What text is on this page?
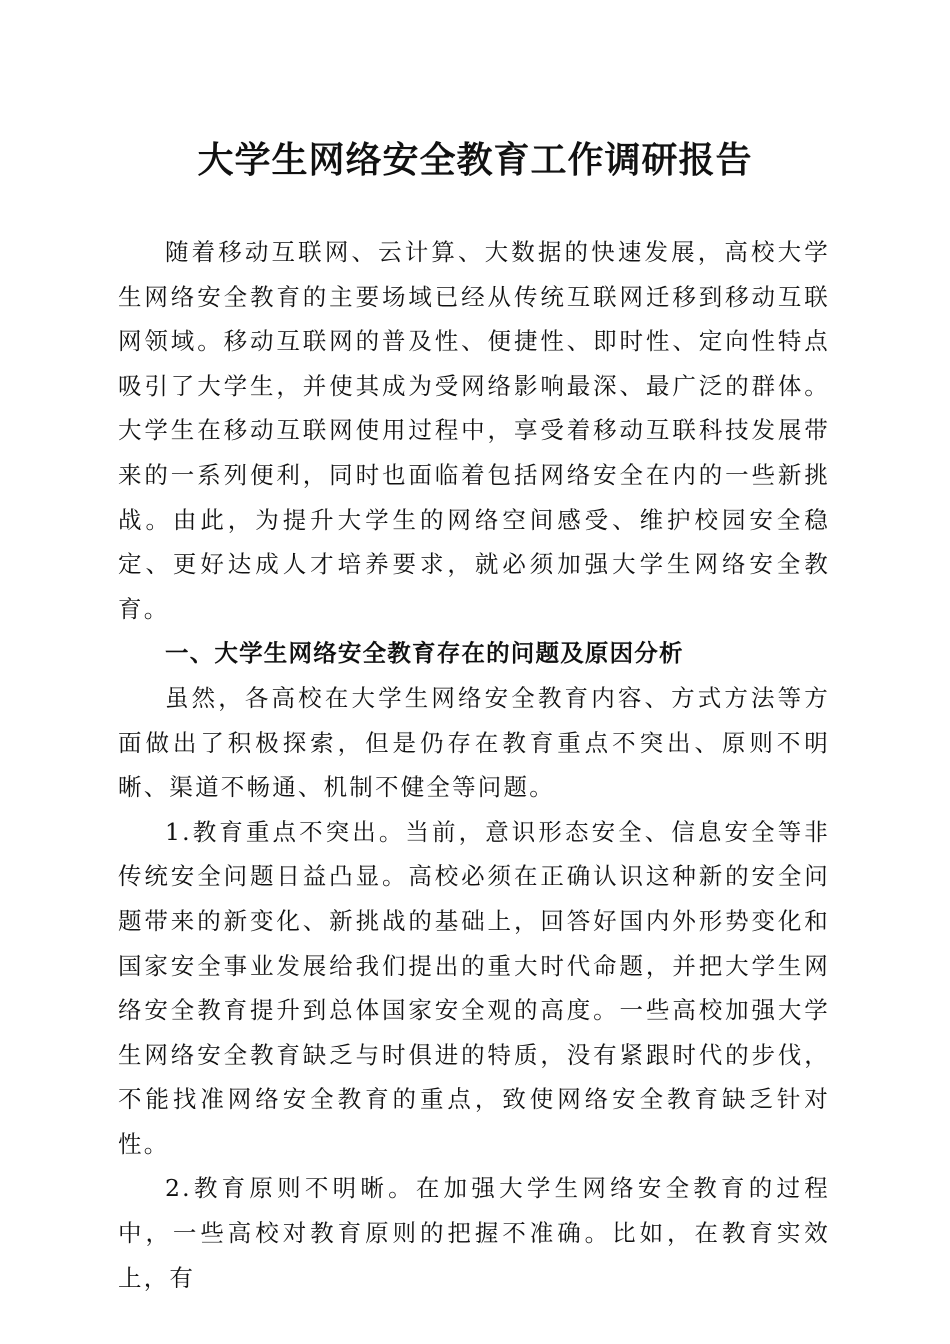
大学生网络安全教育工作调研报告

随着移动互联网、云计算、大数据的快速发展，高校大学生网络安全教育的主要场域已经从传统互联网迁移到移动互联网领域。移动互联网的普及性、便捷性、即时性、定向性特点吸引了大学生，并使其成为受网络影响最深、最广泛的群体。大学生在移动互联网使用过程中，享受着移动互联科技发展带来的一系列便利，同时也面临着包括网络安全在内的一些新挑战。由此，为提升大学生的网络空间感受、维护校园安全稳定、更好达成人才培养要求，就必须加强大学生网络安全教育。

一、大学生网络安全教育存在的问题及原因分析

虽然，各高校在大学生网络安全教育内容、方式方法等方面做出了积极探索，但是仍存在教育重点不突出、原则不明晰、渠道不畅通、机制不健全等问题。

1.教育重点不突出。当前，意识形态安全、信息安全等非传统安全问题日益凸显。高校必须在正确认识这种新的安全问题带来的新变化、新挑战的基础上，回答好国内外形势变化和国家安全事业发展给我们提出的重大时代命题，并把大学生网络安全教育提升到总体国家安全观的高度。一些高校加强大学生网络安全教育缺乏与时俱进的特质，没有紧跟时代的步伐，不能找准网络安全教育的重点，致使网络安全教育缺乏针对性。

2.教育原则不明晰。在加强大学生网络安全教育的过程中，一些高校对教育原则的把握不准确。比如，在教育实效上，有
